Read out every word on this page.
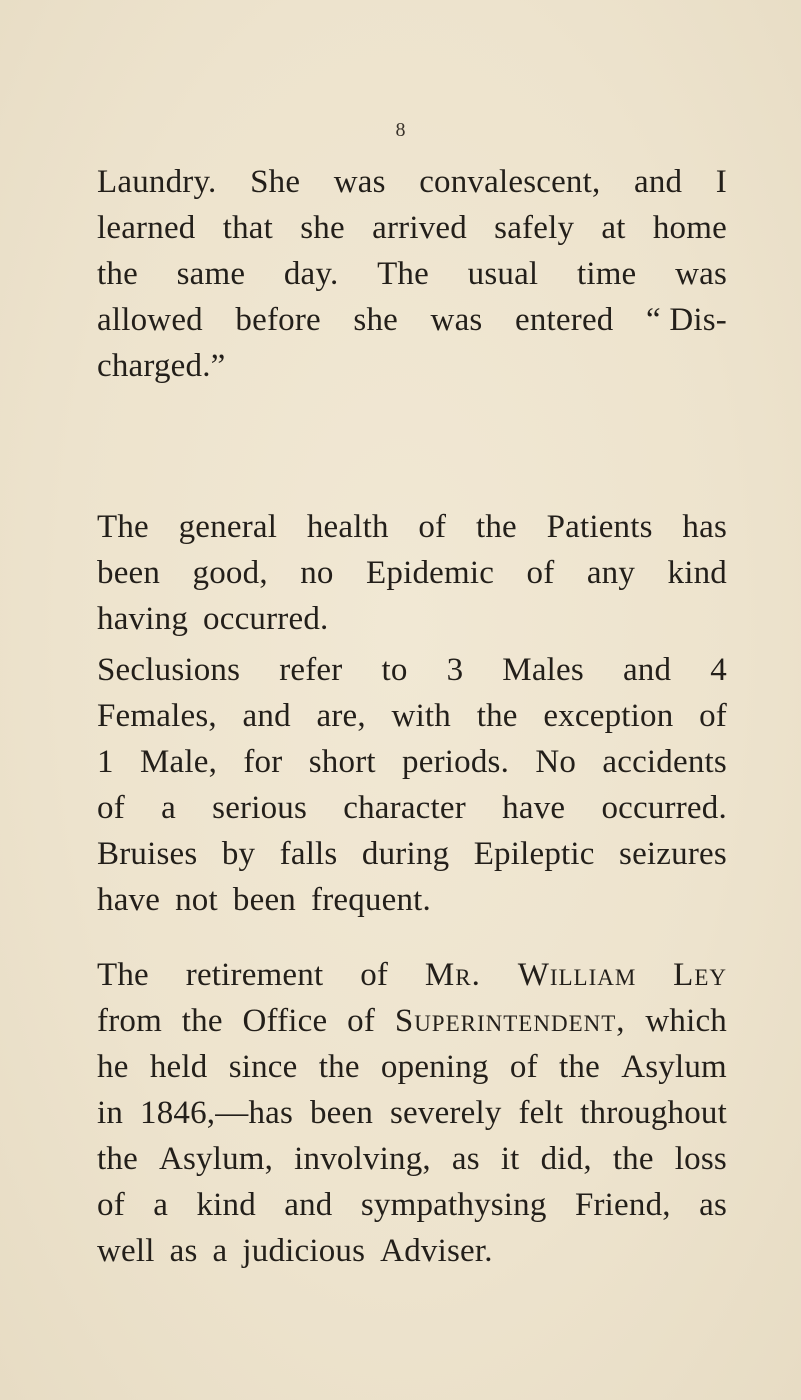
8
Laundry. She was convalescent, and I
learned that she arrived safely at home
the same day. The usual time was
allowed before she was entered “ Dis-
charged.”
The general health of the Patients has
been good, no Epidemic of any kind
having occurred.
Seclusions refer to 3 Males and 4
Females, and are, with the exception of
1 Male, for short periods. No accidents
of a serious character have occurred.
Bruises by falls during Epileptic seizures
have not been frequent.
The retirement of Mr. William Ley
from the Office of Superintendent, which
he held since the opening of the Asylum
in 1846,—has been severely felt throughout
the Asylum, involving, as it did, the loss
of a kind and sympathysing Friend, as
well as a judicious Adviser.
